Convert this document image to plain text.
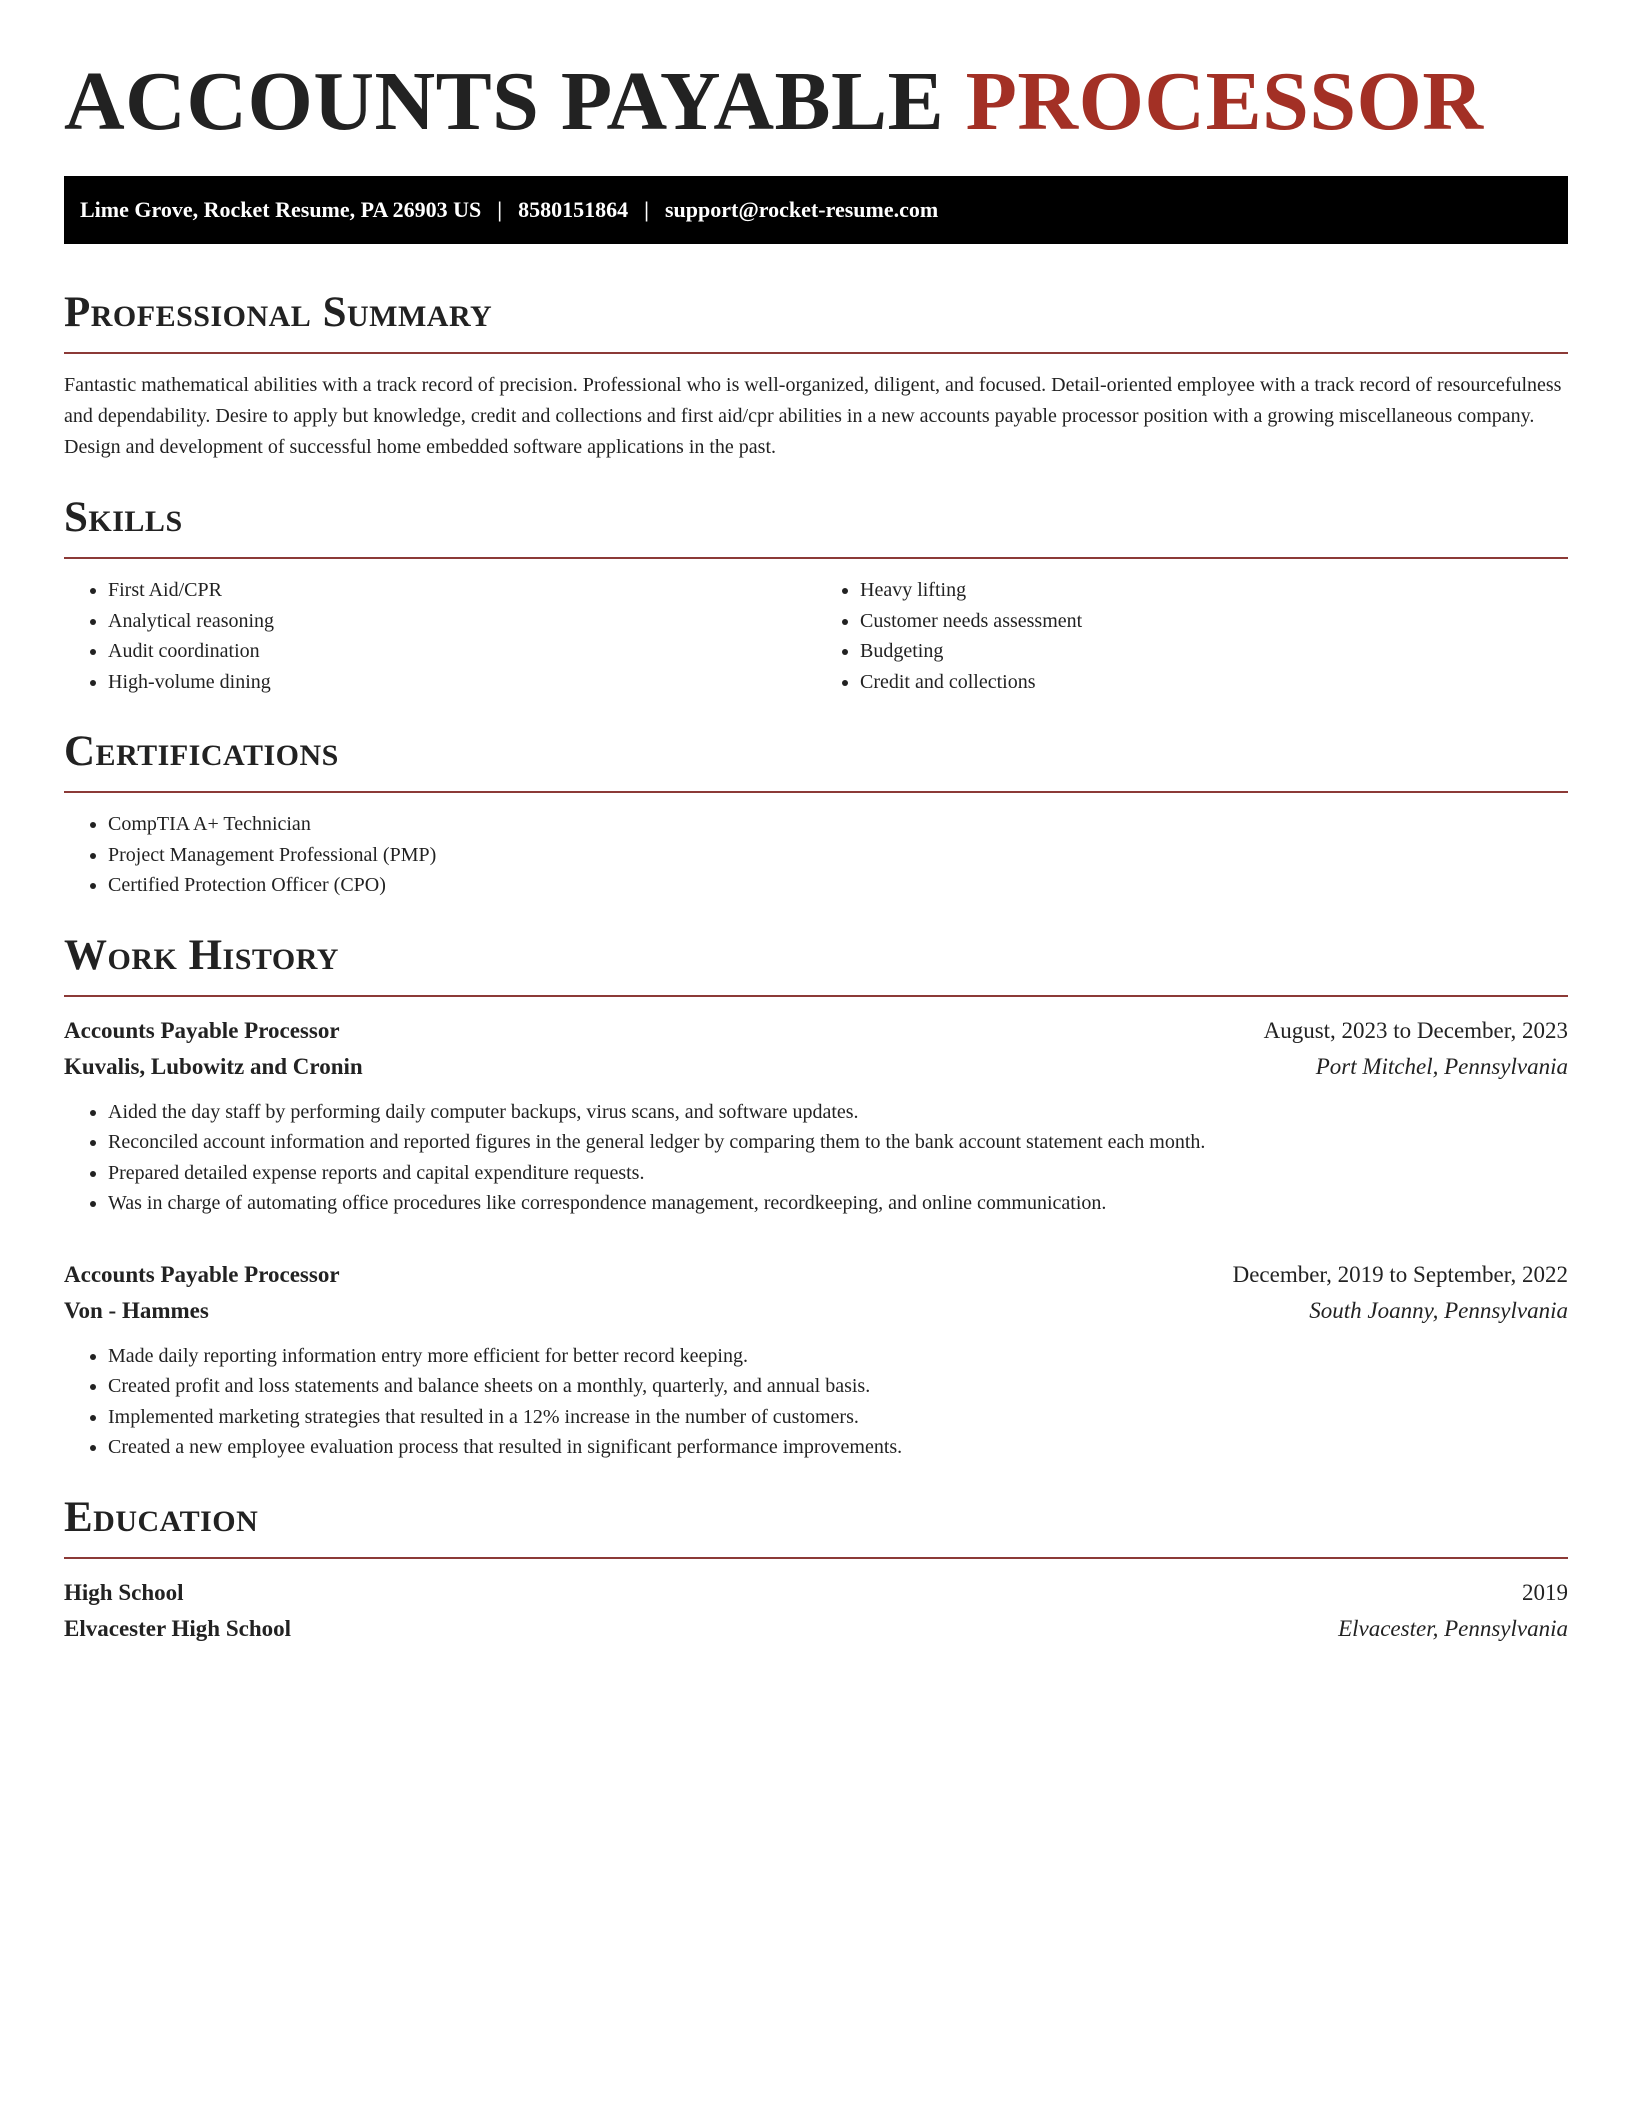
ACCOUNTS PAYABLE PROCESSOR
Lime Grove, Rocket Resume, PA 26903 US | 8580151864 | support@rocket-resume.com
Professional Summary

Fantastic mathematical abilities with a track record of precision. Professional who is well-organized, diligent, and focused. Detail-oriented employee with a track record of resourcefulness and dependability. Desire to apply but knowledge, credit and collections and first aid/cpr abilities in a new accounts payable processor position with a growing miscellaneous company. Design and development of successful home embedded software applications in the past.

Skills
• First Aid/CPR
• Analytical reasoning
• Audit coordination
• High-volume dining
• Heavy lifting
• Customer needs assessment
• Budgeting
• Credit and collections
Certifications
• CompTIA A+ Technician
• Project Management Professional (PMP)
• Certified Protection Officer (CPO)
Work History
Accounts Payable Processor	August, 2023 to December, 2023
Kuvalis, Lubowitz and Cronin	Port Mitchel, Pennsylvania
• Aided the day staff by performing daily computer backups, virus scans, and software updates.
• Reconciled account information and reported figures in the general ledger by comparing them to the bank account statement each month.
• Prepared detailed expense reports and capital expenditure requests.
• Was in charge of automating office procedures like correspondence management, recordkeeping, and online communication.
Accounts Payable Processor	December, 2019 to September, 2022
Von - Hammes	South Joanny, Pennsylvania
• Made daily reporting information entry more efficient for better record keeping.
• Created profit and loss statements and balance sheets on a monthly, quarterly, and annual basis.
• Implemented marketing strategies that resulted in a 12% increase in the number of customers.
• Created a new employee evaluation process that resulted in significant performance improvements.
Education
High School	2019
Elvacester High School	Elvacester, Pennsylvania
